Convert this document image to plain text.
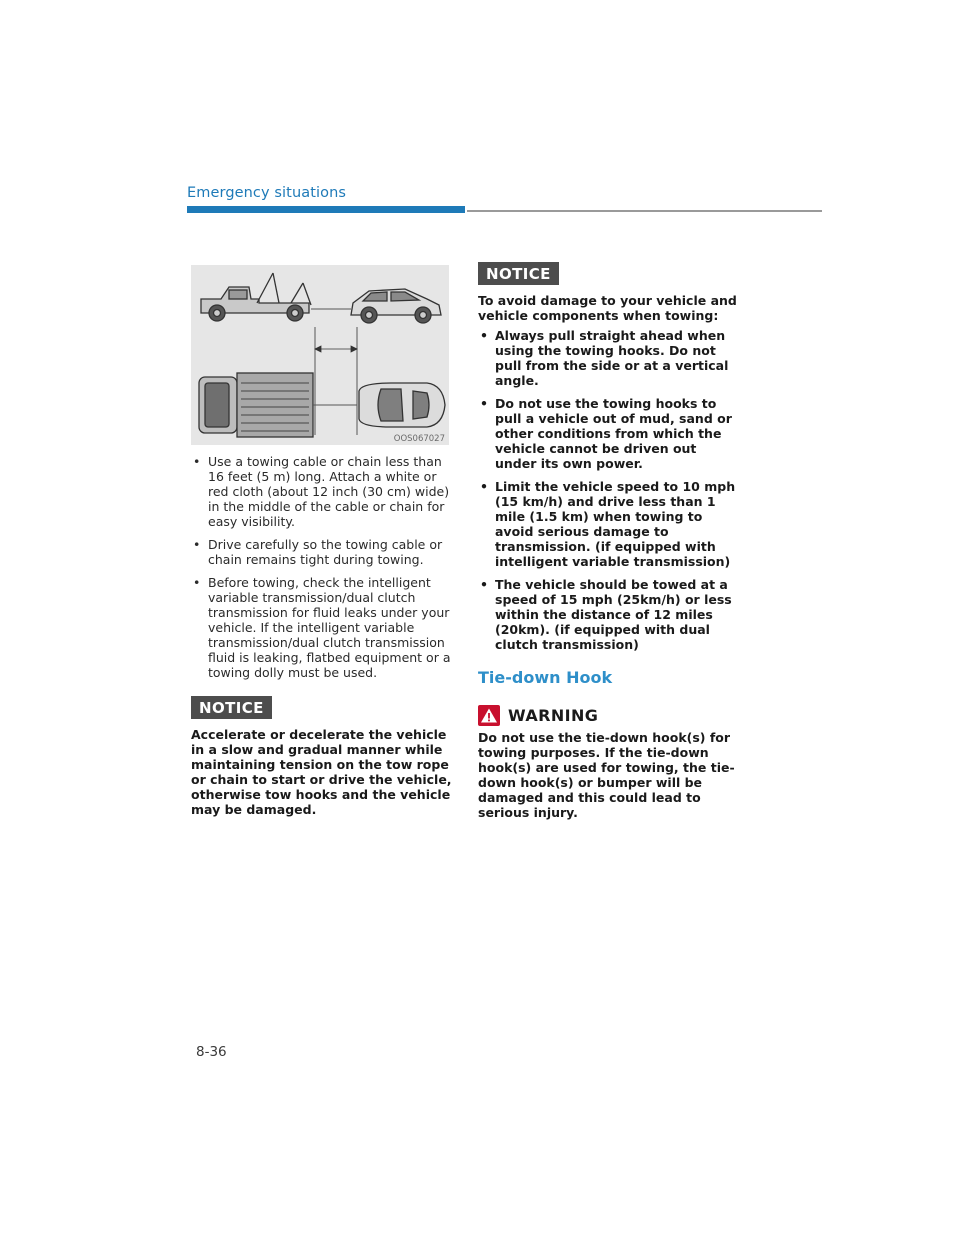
Emergency situations
OOS067027
• Use a towing cable or chain less than 16 feet (5 m) long. Attach a white or red cloth (about 12 inch (30 cm) wide) in the middle of the cable or chain for easy visibility.
• Drive carefully so the towing cable or chain remains tight during towing.
• Before towing, check the intelligent variable transmission/dual clutch transmission for fluid leaks under your vehicle. If the intelligent variable transmission/dual clutch transmission fluid is leaking, flatbed equipment or a towing dolly must be used.
NOTICE

Accelerate or decelerate the vehicle in a slow and gradual manner while maintaining tension on the tow rope or chain to start or drive the vehicle, otherwise tow hooks and the vehicle may be damaged.

NOTICE

To avoid damage to your vehicle and vehicle components when towing:

• Always pull straight ahead when using the towing hooks. Do not pull from the side or at a vertical angle.
• Do not use the towing hooks to pull a vehicle out of mud, sand or other conditions from which the vehicle cannot be driven out under its own power.
• Limit the vehicle speed to 10 mph (15 km/h) and drive less than 1 mile (1.5 km) when towing to avoid serious damage to transmission. (if equipped with intelligent variable transmission)
• The vehicle should be towed at a speed of 15 mph (25km/h) or less within the distance of 12 miles (20km). (if equipped with dual clutch transmission)
Tie-down Hook
WARNING

Do not use the tie-down hook(s) for towing purposes. If the tie-down hook(s) are used for towing, the tie-down hook(s) or bumper will be damaged and this could lead to serious injury.

8-36
